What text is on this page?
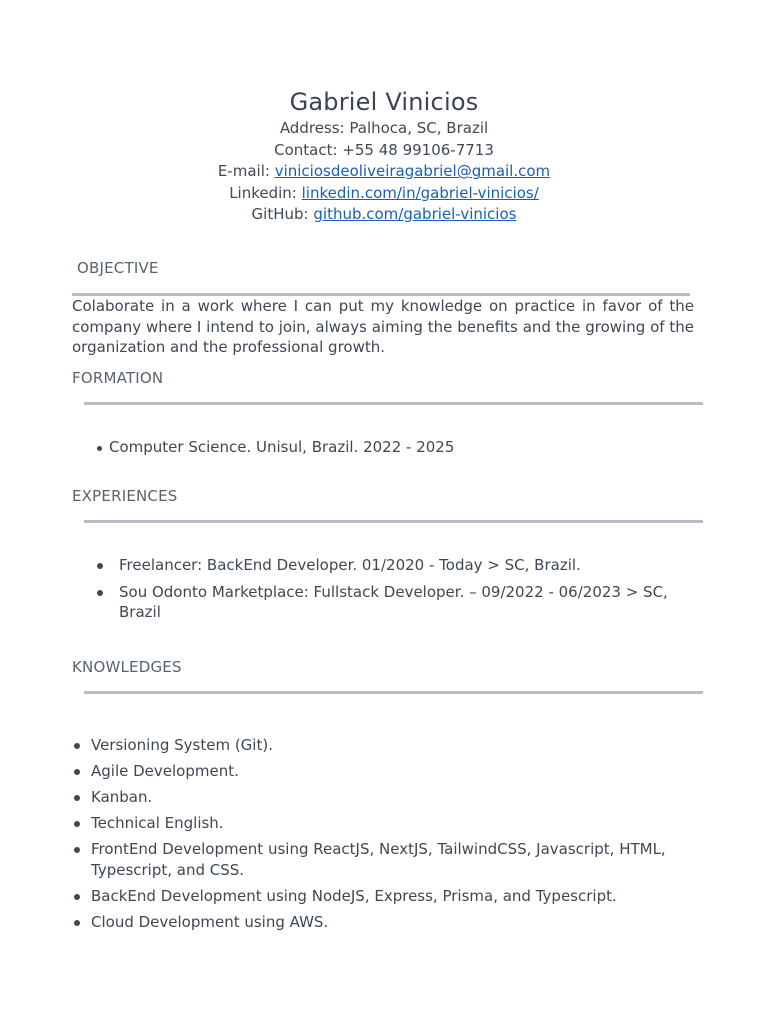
Gabriel Vinicios
Address: Palhoca, SC, Brazil
Contact: +55 48 99106-7713
E-mail: viniciosdeoliveiragabriel@gmail.com
Linkedin: linkedin.com/in/gabriel-vinicios/
GitHub: github.com/gabriel-vinicios
OBJECTIVE
Colaborate in a work where I can put my knowledge on practice in favor of the company where I intend to join, always aiming the benefits and the growing of the organization and the professional growth.
FORMATION
Computer Science. Unisul, Brazil. 2022 - 2025
EXPERIENCES
Freelancer: BackEnd Developer. 01/2020 - Today > SC, Brazil.
Sou Odonto Marketplace: Fullstack Developer. – 09/2022 - 06/2023 > SC, Brazil
KNOWLEDGES
Versioning System (Git).
Agile Development.
Kanban.
Technical English.
FrontEnd Development using ReactJS, NextJS, TailwindCSS, Javascript, HTML, Typescript, and CSS.
BackEnd Development using NodeJS, Express, Prisma, and Typescript.
Cloud Development using AWS.
